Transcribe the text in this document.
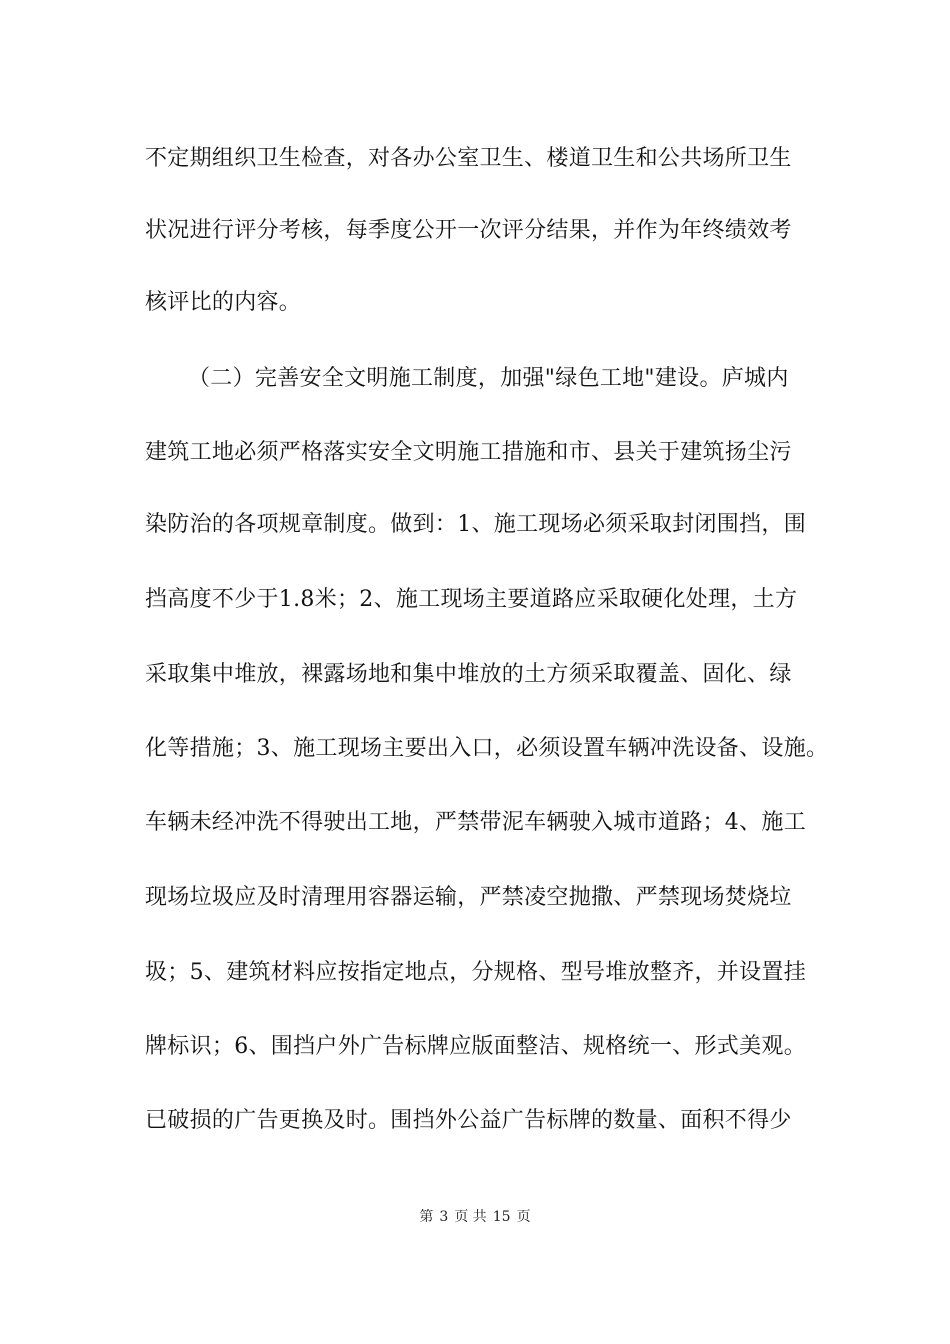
不定期组织卫生检查，对各办公室卫生、楼道卫生和公共场所卫生
状况进行评分考核，每季度公开一次评分结果，并作为年终绩效考
核评比的内容。
（二）完善安全文明施工制度，加强"绿色工地"建设。庐城内
建筑工地必须严格落实安全文明施工措施和市、县关于建筑扬尘污
染防治的各项规章制度。做到：1、施工现场必须采取封闭围挡，围
挡高度不少于1.8米；2、施工现场主要道路应采取硬化处理，土方
采取集中堆放，裸露场地和集中堆放的土方须采取覆盖、固化、绿
化等措施；3、施工现场主要出入口，必须设置车辆冲洗设备、设施。
车辆未经冲洗不得驶出工地，严禁带泥车辆驶入城市道路；4、施工
现场垃圾应及时清理用容器运输，严禁凌空抛撒、严禁现场焚烧垃
圾；5、建筑材料应按指定地点，分规格、型号堆放整齐，并设置挂
牌标识；6、围挡户外广告标牌应版面整洁、规格统一、形式美观。
已破损的广告更换及时。围挡外公益广告标牌的数量、面积不得少
第 3 页 共 15 页
